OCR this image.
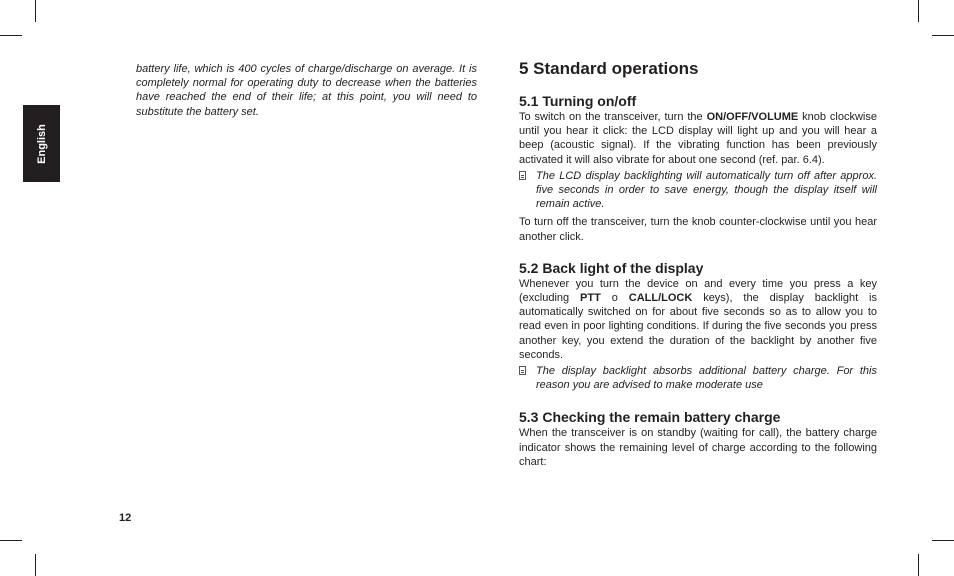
English

battery life, which is 400 cycles of charge/discharge on average. It is completely normal for operating duty to decrease when the batteries have reached the end of their life; at this point, you will need to substitute the battery set.

12
5 Standard operations
5.1 Turning on/off

To switch on the transceiver, turn the ON/OFF/VOLUME knob clockwise until you hear it click: the LCD display will light up and you will hear a beep (acoustic signal). If the vibrating function has been previously activated it will also vibrate for about one second (ref. par. 6.4).

The LCD display backlighting will automatically turn off after approx. five seconds in order to save energy, though the display itself will remain active.

To turn off the transceiver, turn the knob counter-clockwise until you hear another click.

5.2 Back light of the display

Whenever you turn the device on and every time you press a key (excluding PTT o CALL/LOCK keys), the display backlight is automatically switched on for about five seconds so as to allow you to read even in poor lighting conditions. If during the five seconds you press another key, you extend the duration of the backlight by another five seconds.

The display backlight absorbs additional battery charge. For this reason you are advised to make moderate use
5.3 Checking the remain battery charge

When the transceiver is on standby (waiting for call), the battery charge indicator shows the remaining level of charge according to the following chart:
